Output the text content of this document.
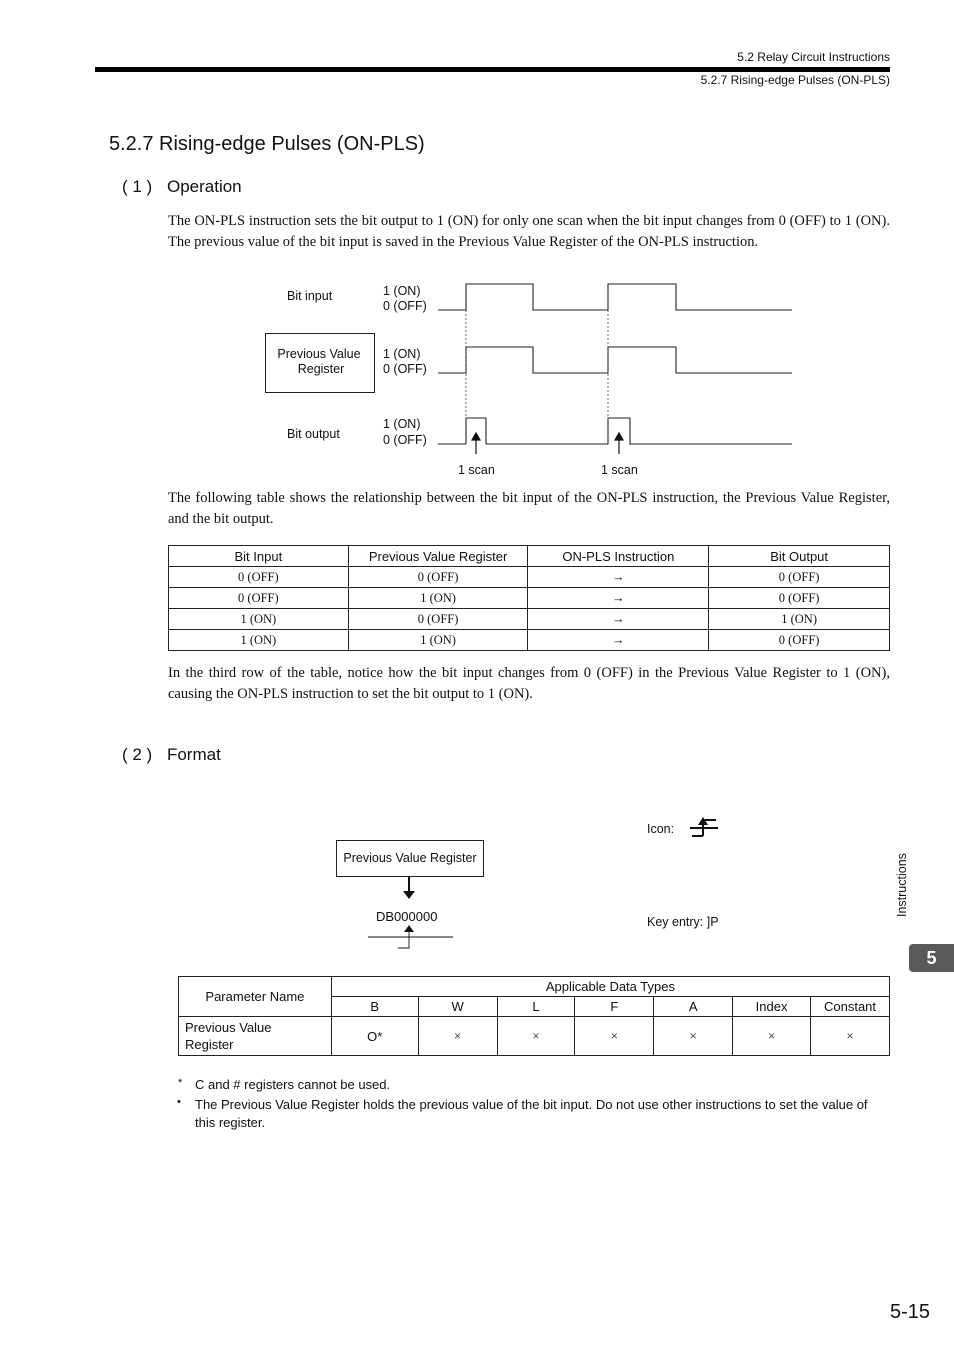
5.2 Relay Circuit Instructions
5.2.7 Rising-edge Pulses (ON-PLS)
5.2.7 Rising-edge Pulses (ON-PLS)
( 1 ) Operation
The ON-PLS instruction sets the bit output to 1 (ON) for only one scan when the bit input changes from 0 (OFF) to 1 (ON). The previous value of the bit input is saved in the Previous Value Register of the ON-PLS instruction.
Bit input
Previous Value
Register
Bit output
1 (ON)
0 (OFF)
1 (ON)
0 (OFF)
1 (ON)
0 (OFF)
1 scan	1 scan
The following table shows the relationship between the bit input of the ON-PLS instruction, the Previous Value Register, and the bit output.
Bit Input	Previous Value Register	ON-PLS Instruction	Bit Output
0 (OFF)	0 (OFF)	→	0 (OFF)
0 (OFF)	1 (ON)	→	0 (OFF)
1 (ON)	0 (OFF)	→	1 (ON)
1 (ON)	1 (ON)	→	0 (OFF)
In the third row of the table, notice how the bit input changes from 0 (OFF) in the Previous Value Register to 1 (ON), causing the ON-PLS instruction to set the bit output to 1 (ON).
( 2 ) Format
Previous Value Register
DB000000
Icon:
Key entry: ]P
Parameter Name	Applicable Data Types						
	B	W	L	F	A	Index	Constant

Previous Value
Register	O*	×	×	×	×	×	×
* C and # registers cannot be used.
• The Previous Value Register holds the previous value of the bit input. Do not use other instructions to set the value of this register.
Instructions
5
5-15
